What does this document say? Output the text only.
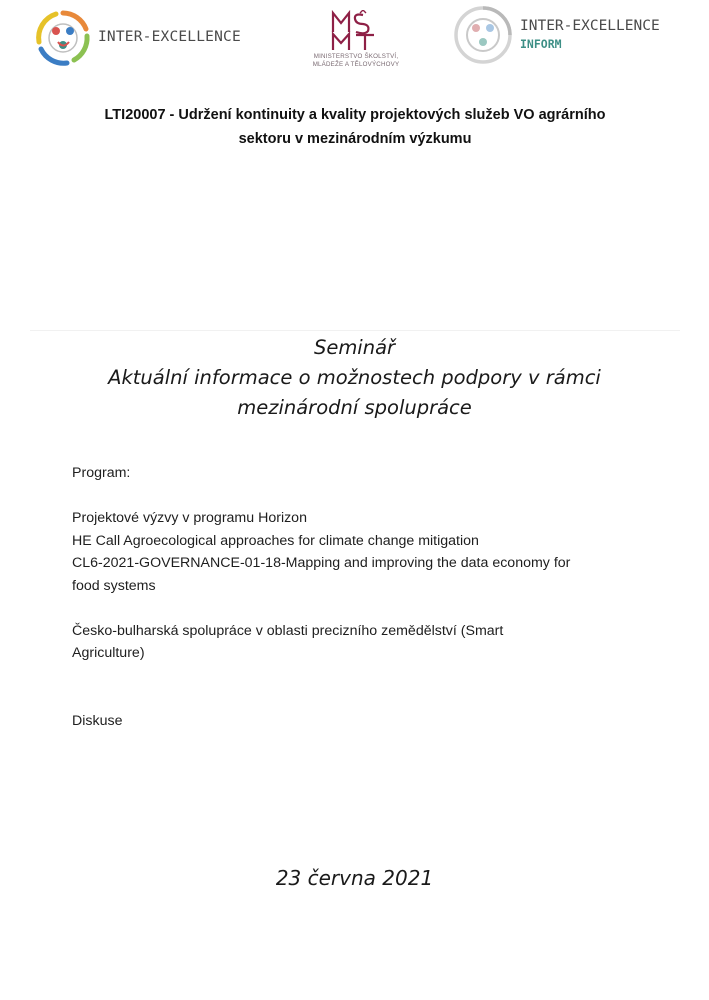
INTER-EXCELLENCE
MINISTERSTVO ŠKOLSTVÍ,
MLÁDEŽE A TĚLOVÝCHOVY
INTER-EXCELLENCE
INFORM
LTI20007 - Udržení kontinuity a kvality projektových služeb VO agrárního
sektoru v mezinárodním výzkumu
Seminář
Aktuální informace o možnostech podpory v rámci
mezinárodní spolupráce

Program:

Projektové výzvy v programu Horizon

HE Call Agroecological approaches for climate change mitigation

CL6-2021-GOVERNANCE-01-18-Mapping and improving the data economy for

food systems

Česko-bulharská spolupráce v oblasti precizního zemědělství (Smart

Agriculture)

Diskuse

23 června 2021
